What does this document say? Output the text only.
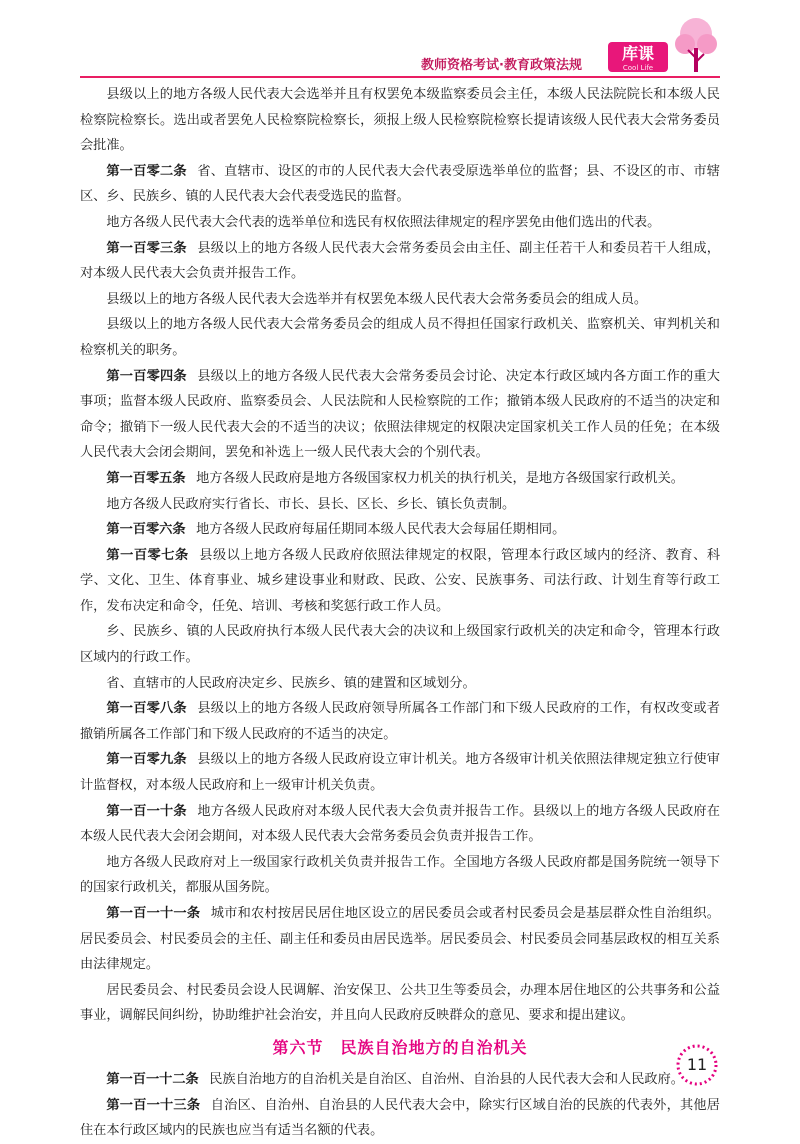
教师资格考试·教育政策法规
库课
Cool Life

县级以上的地方各级人民代表大会选举并且有权罢免本级监察委员会主任，本级人民法院院长和本级人民检察院检察长。选出或者罢免人民检察院检察长，须报上级人民检察院检察长提请该级人民代表大会常务委员会批准。

第一百零二条 省、直辖市、设区的市的人民代表大会代表受原选举单位的监督；县、不设区的市、市辖区、乡、民族乡、镇的人民代表大会代表受选民的监督。

地方各级人民代表大会代表的选举单位和选民有权依照法律规定的程序罢免由他们选出的代表。

第一百零三条 县级以上的地方各级人民代表大会常务委员会由主任、副主任若干人和委员若干人组成，对本级人民代表大会负责并报告工作。

县级以上的地方各级人民代表大会选举并有权罢免本级人民代表大会常务委员会的组成人员。

县级以上的地方各级人民代表大会常务委员会的组成人员不得担任国家行政机关、监察机关、审判机关和检察机关的职务。

第一百零四条 县级以上的地方各级人民代表大会常务委员会讨论、决定本行政区域内各方面工作的重大事项；监督本级人民政府、监察委员会、人民法院和人民检察院的工作；撤销本级人民政府的不适当的决定和命令；撤销下一级人民代表大会的不适当的决议；依照法律规定的权限决定国家机关工作人员的任免；在本级人民代表大会闭会期间，罢免和补选上一级人民代表大会的个别代表。

第一百零五条 地方各级人民政府是地方各级国家权力机关的执行机关，是地方各级国家行政机关。

地方各级人民政府实行省长、市长、县长、区长、乡长、镇长负责制。

第一百零六条 地方各级人民政府每届任期同本级人民代表大会每届任期相同。

第一百零七条 县级以上地方各级人民政府依照法律规定的权限，管理本行政区域内的经济、教育、科学、文化、卫生、体育事业、城乡建设事业和财政、民政、公安、民族事务、司法行政、计划生育等行政工作，发布决定和命令，任免、培训、考核和奖惩行政工作人员。

乡、民族乡、镇的人民政府执行本级人民代表大会的决议和上级国家行政机关的决定和命令，管理本行政区域内的行政工作。

省、直辖市的人民政府决定乡、民族乡、镇的建置和区域划分。

第一百零八条 县级以上的地方各级人民政府领导所属各工作部门和下级人民政府的工作，有权改变或者撤销所属各工作部门和下级人民政府的不适当的决定。

第一百零九条 县级以上的地方各级人民政府设立审计机关。地方各级审计机关依照法律规定独立行使审计监督权，对本级人民政府和上一级审计机关负责。

第一百一十条 地方各级人民政府对本级人民代表大会负责并报告工作。县级以上的地方各级人民政府在本级人民代表大会闭会期间，对本级人民代表大会常务委员会负责并报告工作。

地方各级人民政府对上一级国家行政机关负责并报告工作。全国地方各级人民政府都是国务院统一领导下的国家行政机关，都服从国务院。

第一百一十一条 城市和农村按居民居住地区设立的居民委员会或者村民委员会是基层群众性自治组织。居民委员会、村民委员会的主任、副主任和委员由居民选举。居民委员会、村民委员会同基层政权的相互关系由法律规定。

居民委员会、村民委员会设人民调解、治安保卫、公共卫生等委员会，办理本居住地区的公共事务和公益事业，调解民间纠纷，协助维护社会治安，并且向人民政府反映群众的意见、要求和提出建议。

第六节　民族自治地方的自治机关

第一百一十二条 民族自治地方的自治机关是自治区、自治州、自治县的人民代表大会和人民政府。

第一百一十三条 自治区、自治州、自治县的人民代表大会中，除实行区域自治的民族的代表外，其他居住在本行政区域内的民族也应当有适当名额的代表。

11
